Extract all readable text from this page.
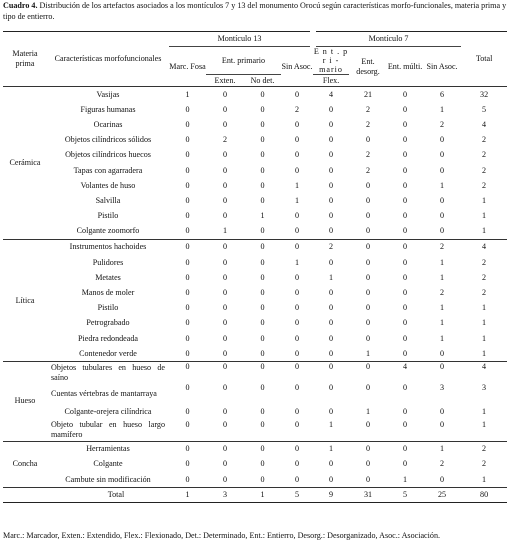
Cuadro 4. Distribución de los artefactos asociados a los montículos 7 y 13 del monumento Orocú según características morfo-funcionales, materia prima y tipo de entierro.
Materia prima	Características morfofuncionales	Montículo 13				Montículo 7				Total
		Marc. Fosa	Ent. primario		Sin Asoc.	E n t . p r i - mario	Ent. desorg.	Ent. múlti.	Sin Asoc.	
			Exten.	No det.		Flex.				
Cerámica	Vasijas	1	0	0	0	4	21	0	6	32
	Figuras humanas	0	0	0	2	0	2	0	1	5
	Ocarinas	0	0	0	0	0	2	0	2	4
	Objetos cilíndricos sólidos	0	2	0	0	0	0	0	0	2
	Objetos cilíndricos huecos	0	0	0	0	0	2	0	0	2
	Tapas con agarradera	0	0	0	0	0	2	0	0	2
	Volantes de huso	0	0	0	1	0	0	0	1	2
	Salvilla	0	0	0	1	0	0	0	0	1
	Pistilo	0	0	1	0	0	0	0	0	1
	Colgante zoomorfo	0	1	0	0	0	0	0	0	1
Lítica	Instrumentos hachoides	0	0	0	0	2	0	0	2	4
	Pulidores	0	0	0	1	0	0	0	1	2
	Metates	0	0	0	0	1	0	0	1	2
	Manos de moler	0	0	0	0	0	0	0	2	2
	Pistilo	0	0	0	0	0	0	0	1	1
	Petrograbado	0	0	0	0	0	0	0	1	1
	Piedra redondeada	0	0	0	0	0	0	0	1	1
	Contenedor verde	0	0	0	0	0	1	0	0	1
Hueso	Objetos tubulares en hueso de saíno	0	0	0	0	0	0	4	0	4
	Cuentas vértebras de mantarraya	0	0	0	0	0	0	0	3	3
	Colgante-orejera cilíndrica	0	0	0	0	0	1	0	0	1
	Objeto tubular en hueso largo mamífero	0	0	0	0	1	0	0	0	1
Concha	Herramientas	0	0	0	0	1	0	0	1	2
	Colgante	0	0	0	0	0	0	0	2	2
	Cambute sin modificación	0	0	0	0	0	0	1	0	1
Total		1	3	1	5	9	31	5	25	80
Marc.: Marcador, Exten.: Extendido, Flex.: Flexionado, Det.: Determinado, Ent.: Entierro, Desorg.: Desorganizado, Asoc.: Asociación.
